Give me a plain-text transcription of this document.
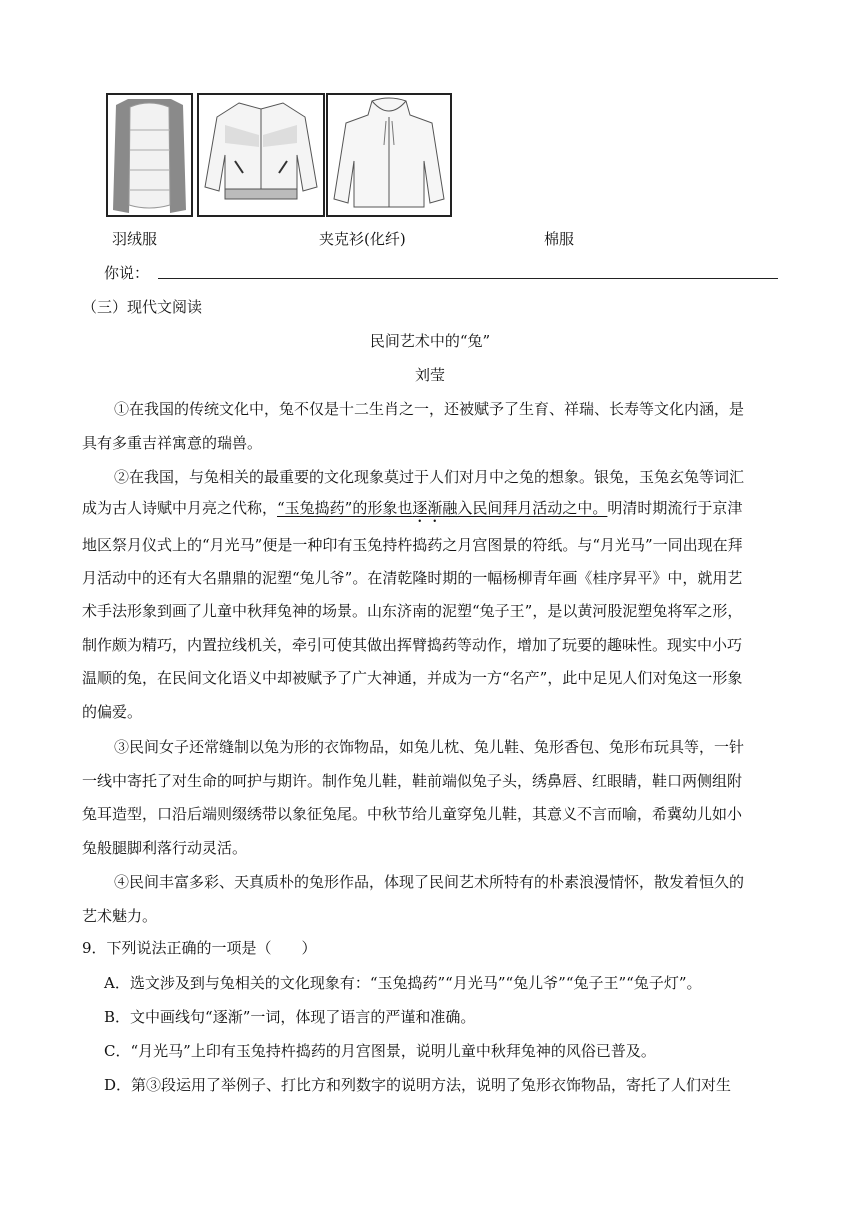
羽绒服	夹克衫(化纤)	棉服
你说：
（三）现代文阅读
民间艺术中的“兔”
刘莹
①在我国的传统文化中，兔不仅是十二生肖之一，还被赋予了生育、祥瑞、长寿等文化内涵，是
具有多重吉祥寓意的瑞兽。
②在我国，与兔相关的最重要的文化现象莫过于人们对月中之兔的想象。银兔，玉兔玄兔等词汇
成为古人诗赋中月亮之代称，“玉兔捣药”的形象也逐渐融入民间拜月活动之中。明清时期流行于京津
地区祭月仪式上的“月光马”便是一种印有玉兔持杵捣药之月宫图景的符纸。与“月光马”一同出现在拜
月活动中的还有大名鼎鼎的泥塑“兔儿爷”。在清乾隆时期的一幅杨柳青年画《桂序昇平》中，就用艺
术手法形象到画了儿童中秋拜兔神的场景。山东济南的泥塑“兔子王”，是以黄河股泥塑兔将军之形，
制作颇为精巧，内置拉线机关，牵引可使其做出挥臂捣药等动作，增加了玩要的趣味性。现实中小巧
温顺的兔，在民间文化语义中却被赋予了广大神通，并成为一方“名产”，此中足见人们对兔这一形象
的偏爱。
③民间女子还常缝制以兔为形的衣饰物品，如兔儿枕、兔儿鞋、兔形香包、兔形布玩具等，一针
一线中寄托了对生命的呵护与期许。制作兔儿鞋，鞋前端似兔子头，绣鼻唇、红眼睛，鞋口两侧组附
兔耳造型，口沿后端则缀绣带以象征兔尾。中秋节给儿童穿兔儿鞋，其意义不言而喻，希冀幼儿如小
兔般腿脚利落行动灵活。
④民间丰富多彩、天真质朴的兔形作品，体现了民间艺术所特有的朴素浪漫情怀，散发着恒久的
艺术魅力。
9．下列说法正确的一项是（　　）
A．选文涉及到与兔相关的文化现象有：“玉兔捣药”“月光马”“兔儿爷”“兔子王”“兔子灯”。
B．文中画线句“逐渐”一词，体现了语言的严谨和准确。
C．“月光马”上印有玉兔持杵捣药的月宫图景，说明儿童中秋拜兔神的风俗已普及。
D．第③段运用了举例子、打比方和列数字的说明方法，说明了兔形衣饰物品，寄托了人们对生
